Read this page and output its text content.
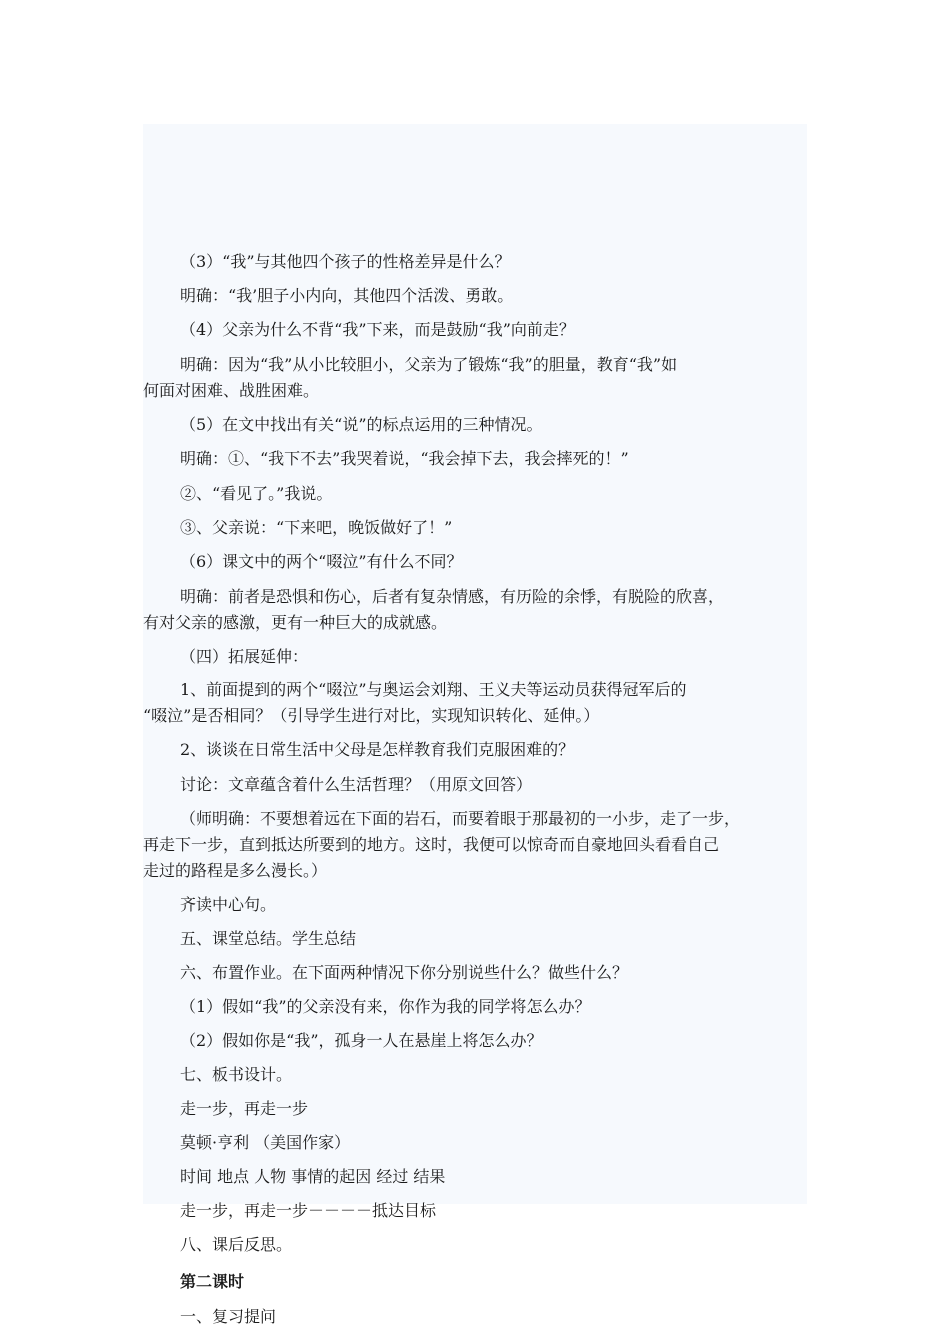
（3）“我”与其他四个孩子的性格差异是什么？

明确：“我’胆子小内向，其他四个活泼、勇敢。

（4）父亲为什么不背“我”下来，而是鼓励“我”向前走？

明确：因为“我”从小比较胆小，父亲为了锻炼“我”的胆量，教育“我”如

何面对困难、战胜困难。

（5）在文中找出有关“说”的标点运用的三种情况。

明确：①、“我下不去”我哭着说，“我会掉下去，我会摔死的！”

②、“看见了。”我说。

③、父亲说：“下来吧，晚饭做好了！”

（6）课文中的两个“啜泣”有什么不同？

明确：前者是恐惧和伤心，后者有复杂情感，有历险的余悸，有脱险的欣喜，

有对父亲的感激，更有一种巨大的成就感。

（四）拓展延伸：

1、前面提到的两个“啜泣”与奥运会刘翔、王义夫等运动员获得冠军后的

“啜泣”是否相同？（引导学生进行对比，实现知识转化、延伸。）

2、谈谈在日常生活中父母是怎样教育我们克服困难的？

讨论：文章蕴含着什么生活哲理？（用原文回答）

（师明确：不要想着远在下面的岩石，而要着眼于那最初的一小步，走了一步，

再走下一步，直到抵达所要到的地方。这时，我便可以惊奇而自豪地回头看看自己

走过的路程是多么漫长。）

齐读中心句。

五、课堂总结。学生总结

六、布置作业。在下面两种情况下你分别说些什么？做些什么？

（1）假如“我”的父亲没有来，你作为我的同学将怎么办？

（2）假如你是“我”，孤身一人在悬崖上将怎么办？

七、板书设计。

走一步，再走一步

莫顿·亨利 （美国作家）

时间 地点 人物 事情的起因 经过 结果

走一步，再走一步－－－－抵达目标

八、课后反思。

第二课时

一、复习提问
